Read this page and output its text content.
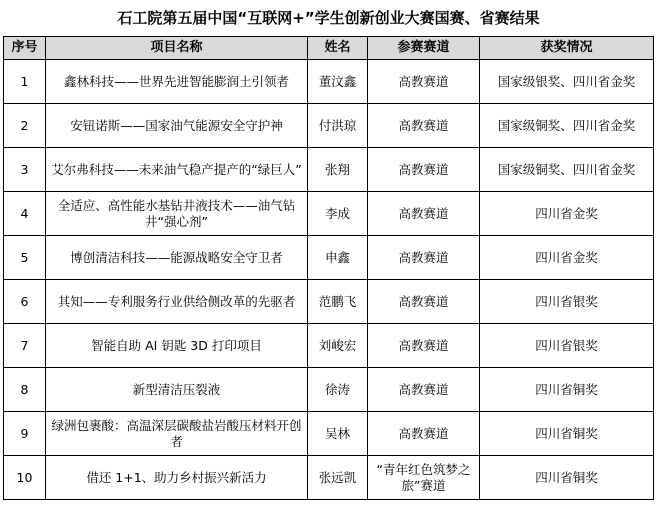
石工院第五届中国“互联网+”学生创新创业大赛国赛、省赛结果
序号	项目名称	姓名	参赛赛道	获奖情况
1	鑫林科技——世界先进智能膨润土引领者	董汶鑫	高教赛道	国家级银奖、四川省金奖
2	安钮诺斯——国家油气能源安全守护神	付洪琼	高教赛道	国家级铜奖、四川省金奖
3	艾尔弗科技——未来油气稳产提产的“绿巨人”	张翔	高教赛道	国家级铜奖、四川省金奖
4	全适应、高性能水基钻井液技术——油气钻井“强心剂”	李成	高教赛道	四川省金奖
5	博创清洁科技——能源战略安全守卫者	申鑫	高教赛道	四川省金奖
6	其知——专利服务行业供给侧改革的先驱者	范鹏飞	高教赛道	四川省银奖
7	智能自助 AI 钥匙 3D 打印项目	刘峻宏	高教赛道	四川省银奖
8	新型清洁压裂液	徐涛	高教赛道	四川省铜奖
9	绿洲包裹酸：高温深层碳酸盐岩酸压材料开创者	吴林	高教赛道	四川省铜奖
10	借还 1+1、助力乡村振兴新活力	张远凯	“青年红色筑梦之旅”赛道	四川省铜奖
